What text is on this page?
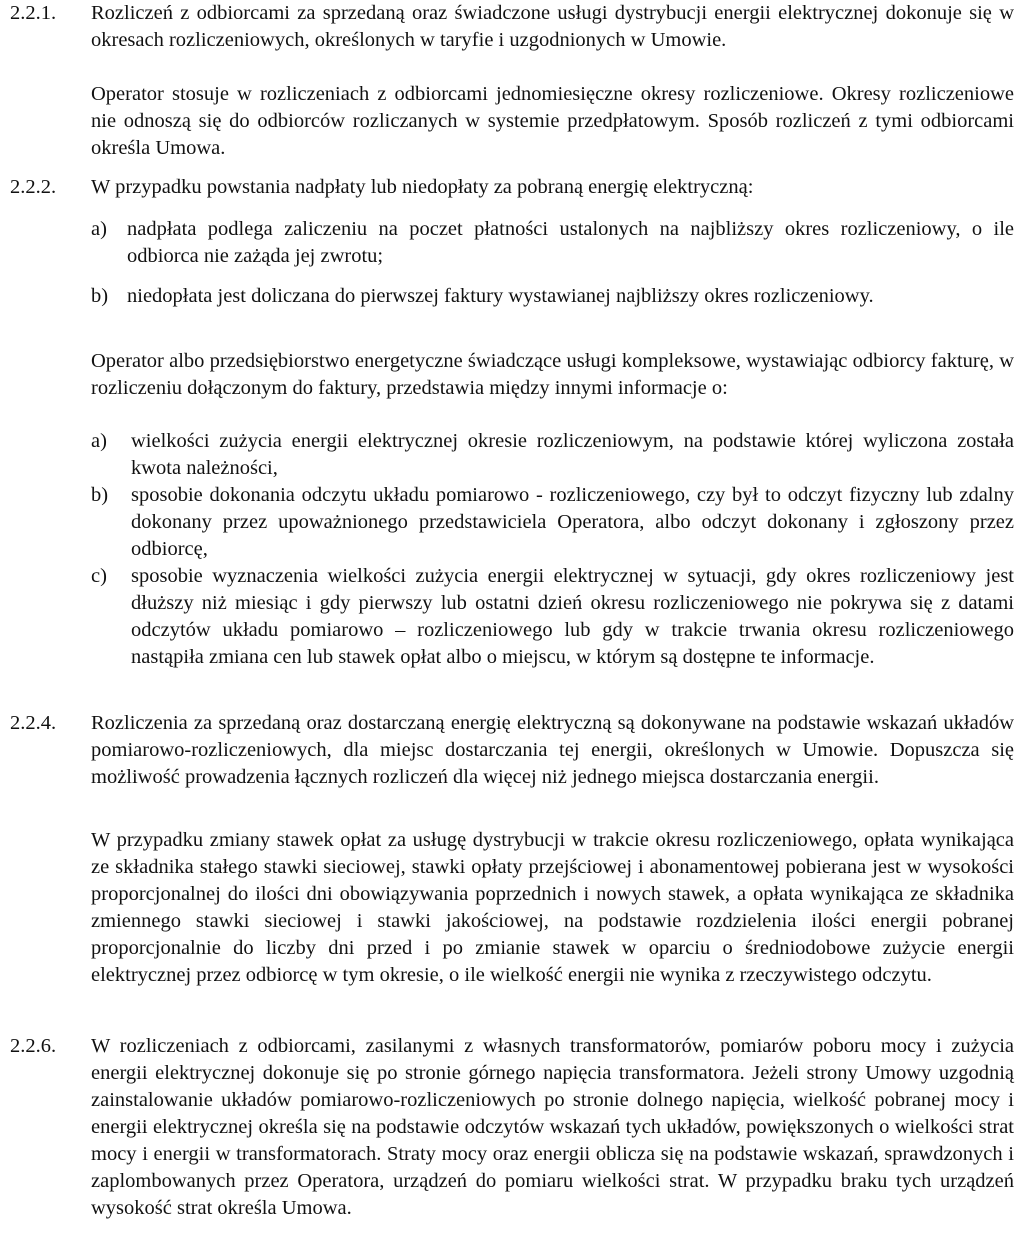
2.2.1.	Rozliczeń z odbiorcami za sprzedaną oraz świadczone usługi dystrybucji energii elektrycznej dokonuje się w okresach rozliczeniowych, określonych w taryfie i uzgodnionych w Umowie.

Operator stosuje w rozliczeniach z odbiorcami jednomiesięczne okresy rozliczeniowe. Okresy rozliczeniowe nie odnoszą się do odbiorców rozliczanych w systemie przedpłatowym. Sposób rozliczeń z tymi odbiorcami określa Umowa.

2.2.2.	W przypadku powstania nadpłaty lub niedopłaty za pobraną energię elektryczną:

a) nadpłata podlega zaliczeniu na poczet płatności ustalonych na najbliższy okres rozliczeniowy, o ile odbiorca nie zażąda jej zwrotu;

b) niedopłata jest doliczana do pierwszej faktury wystawianej najbliższy okres rozliczeniowy.

Operator albo przedsiębiorstwo energetyczne świadczące usługi kompleksowe, wystawiając odbiorcy fakturę, w rozliczeniu dołączonym do faktury, przedstawia między innymi informacje o:

a)	wielkości zużycia energii elektrycznej okresie rozliczeniowym, na podstawie której wyliczona została kwota należności,

b)	sposobie dokonania odczytu układu pomiarowo - rozliczeniowego, czy był to odczyt fizyczny lub zdalny dokonany przez upoważnionego przedstawiciela Operatora, albo odczyt dokonany i zgłoszony przez odbiorcę,

c)	sposobie wyznaczenia wielkości zużycia energii elektrycznej w sytuacji, gdy okres rozliczeniowy jest dłuższy niż miesiąc i gdy pierwszy lub ostatni dzień okresu rozliczeniowego nie pokrywa się z datami odczytów układu pomiarowo – rozliczeniowego lub gdy w trakcie trwania okresu rozliczeniowego nastąpiła zmiana cen lub stawek opłat albo o miejscu, w którym są dostępne te informacje.

2.2.4.	Rozliczenia za sprzedaną oraz dostarczaną energię elektryczną są dokonywane na podstawie wskazań układów pomiarowo-rozliczeniowych, dla miejsc dostarczania tej energii, określonych w Umowie. Dopuszcza się możliwość prowadzenia łącznych rozliczeń dla więcej niż jednego miejsca dostarczania energii.

W przypadku zmiany stawek opłat za usługę dystrybucji w trakcie okresu rozliczeniowego, opłata wynikająca ze składnika stałego stawki sieciowej, stawki opłaty przejściowej i abonamentowej pobierana jest w wysokości proporcjonalnej do ilości dni obowiązywania poprzednich i nowych stawek, a opłata wynikająca ze składnika zmiennego stawki sieciowej i stawki jakościowej, na podstawie rozdzielenia ilości energii pobranej proporcjonalnie do liczby dni przed i po zmianie stawek w oparciu o średniodobowe zużycie energii elektrycznej przez odbiorcę w tym okresie, o ile wielkość energii nie wynika z rzeczywistego odczytu.

2.2.6.	W rozliczeniach z odbiorcami, zasilanymi z własnych transformatorów, pomiarów poboru mocy i zużycia energii elektrycznej dokonuje się po stronie górnego napięcia transformatora. Jeżeli strony Umowy uzgodnią zainstalowanie układów pomiarowo-rozliczeniowych po stronie dolnego napięcia, wielkość pobranej mocy i energii elektrycznej określa się na podstawie odczytów wskazań tych układów, powiększonych o wielkości strat mocy i energii w transformatorach. Straty mocy oraz energii oblicza się na podstawie wskazań, sprawdzonych i zaplombowanych przez Operatora, urządzeń do pomiaru wielkości strat. W przypadku braku tych urządzeń wysokość strat określa Umowa.
